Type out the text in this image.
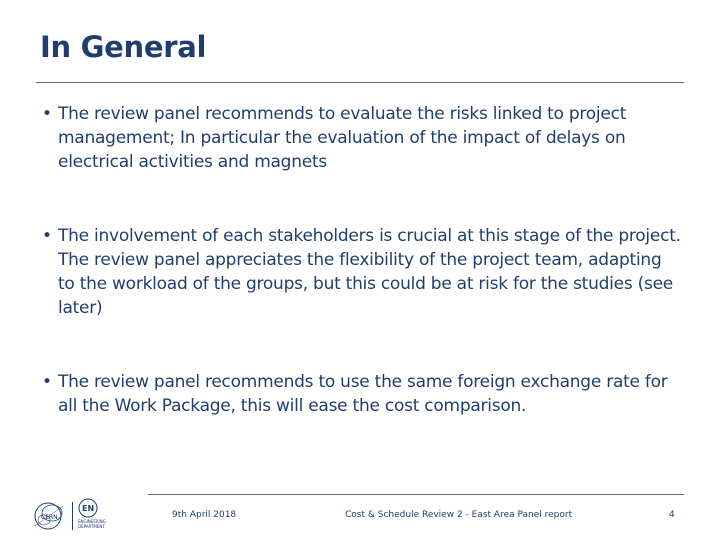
In General
• The review panel recommends to evaluate the risks linked to project management; In particular the evaluation of the impact of delays on electrical activities and magnets
• The involvement of each stakeholders is crucial at this stage of the project. The review panel appreciates the flexibility of the project team, adapting to the workload of the groups, but this could be at risk for the studies (see later)
• The review panel recommends to use the same foreign exchange rate for all the Work Package, this will ease the cost comparison.
CERN
EN
ENGINEERING DEPARTMENT
9th April 2018	Cost & Schedule Review 2 - East Area Panel report	4
